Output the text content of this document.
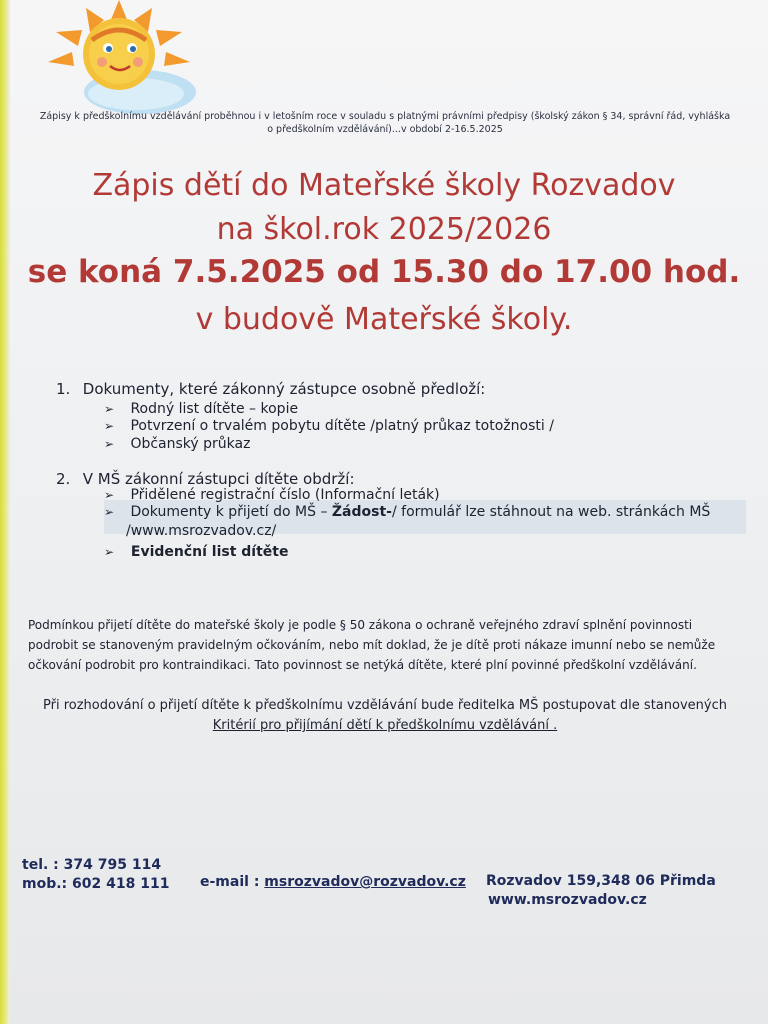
Zápisy k předškolnímu vzdělávání proběhnou i v letošním roce v souladu s platnými právními předpisy (školský zákon § 34, správní řád, vyhláška
o předškolním vzdělávání)...v období 2-16.5.2025
Zápis dětí do Mateřské školy Rozvadov
na škol.rok 2025/2026
se koná 7.5.2025 od 15.30 do 17.00 hod.
v budově Mateřské školy.
1. Dokumenty, které zákonný zástupce osobně předloží:
➢ Rodný list dítěte – kopie
➢ Potvrzení o trvalém pobytu dítěte /platný průkaz totožnosti /
➢ Občanský průkaz
2. V MŠ zákonní zástupci dítěte obdrží:
➢ Přidělené registrační číslo (Informační leták)
➢ Dokumenty k přijetí do MŠ – Žádost-/ formulář lze stáhnout na web. stránkách MŠ
/www.msrozvadov.cz/
➢ Evidenční list dítěte
Podmínkou přijetí dítěte do mateřské školy je podle § 50 zákona o ochraně veřejného zdraví splnění povinnosti
podrobit se stanoveným pravidelným očkováním, nebo mít doklad, že je dítě proti nákaze imunní nebo se nemůže
očkování podrobit pro kontraindikaci. Tato povinnost se netýká dítěte, které plní povinné předškolní vzdělávání.
Při rozhodování o přijetí dítěte k předškolnímu vzdělávání bude ředitelka MŠ postupovat dle stanovených
Kritérií pro přijímání dětí k předškolnímu vzdělávání .
tel. : 374 795 114
mob.: 602 418 111 e-mail : msrozvadov@rozvadov.cz Rozvadov 159,348 06 Přimda
www.msrozvadov.cz
